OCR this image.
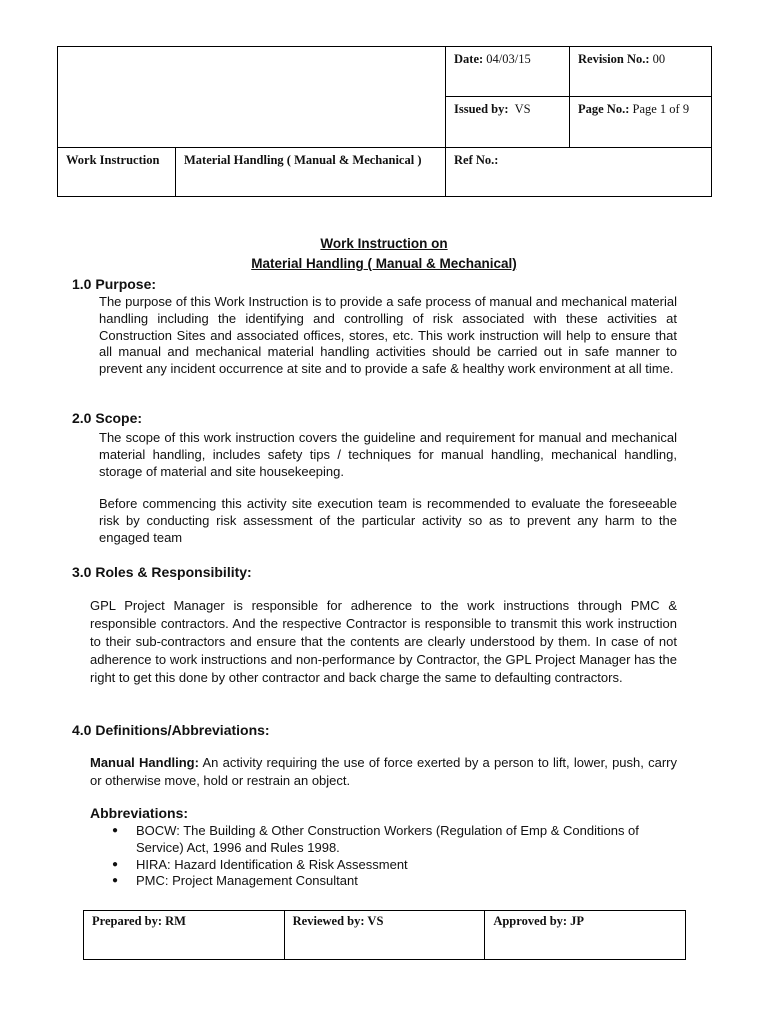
		Date: 04/03/15	Revision No.: 00
		Issued by: VS	Page No.: Page 1 of 9
Work Instruction	Material Handling ( Manual & Mechanical )	Ref No.:	
Work Instruction on
Material Handling ( Manual & Mechanical)
1.0 Purpose:

The purpose of this Work Instruction is to provide a safe process of manual and mechanical material handling including the identifying and controlling of risk associated with these activities at Construction Sites and associated offices, stores, etc. This work instruction will help to ensure that all manual and mechanical material handling activities should be carried out in safe manner to prevent any incident occurrence at site and to provide a safe & healthy work environment at all time.

2.0 Scope:

The scope of this work instruction covers the guideline and requirement for manual and mechanical material handling, includes safety tips / techniques for manual handling, mechanical handling, storage of material and site housekeeping.

Before commencing this activity site execution team is recommended to evaluate the foreseeable risk by conducting risk assessment of the particular activity so as to prevent any harm to the engaged team

3.0 Roles & Responsibility:

GPL Project Manager is responsible for adherence to the work instructions through PMC & responsible contractors. And the respective Contractor is responsible to transmit this work instruction to their sub-contractors and ensure that the contents are clearly understood by them. In case of not adherence to work instructions and non-performance by Contractor, the GPL Project Manager has the right to get this done by other contractor and back charge the same to defaulting contractors.

4.0 Definitions/Abbreviations:

Manual Handling: An activity requiring the use of force exerted by a person to lift, lower, push, carry or otherwise move, hold or restrain an object.

Abbreviations:
● BOCW: The Building & Other Construction Workers (Regulation of Emp & Conditions of Service) Act, 1996 and Rules 1998.
● HIRA: Hazard Identification & Risk Assessment
● PMC: Project Management Consultant
Prepared by: RM	Reviewed by: VS	Approved by: JP
